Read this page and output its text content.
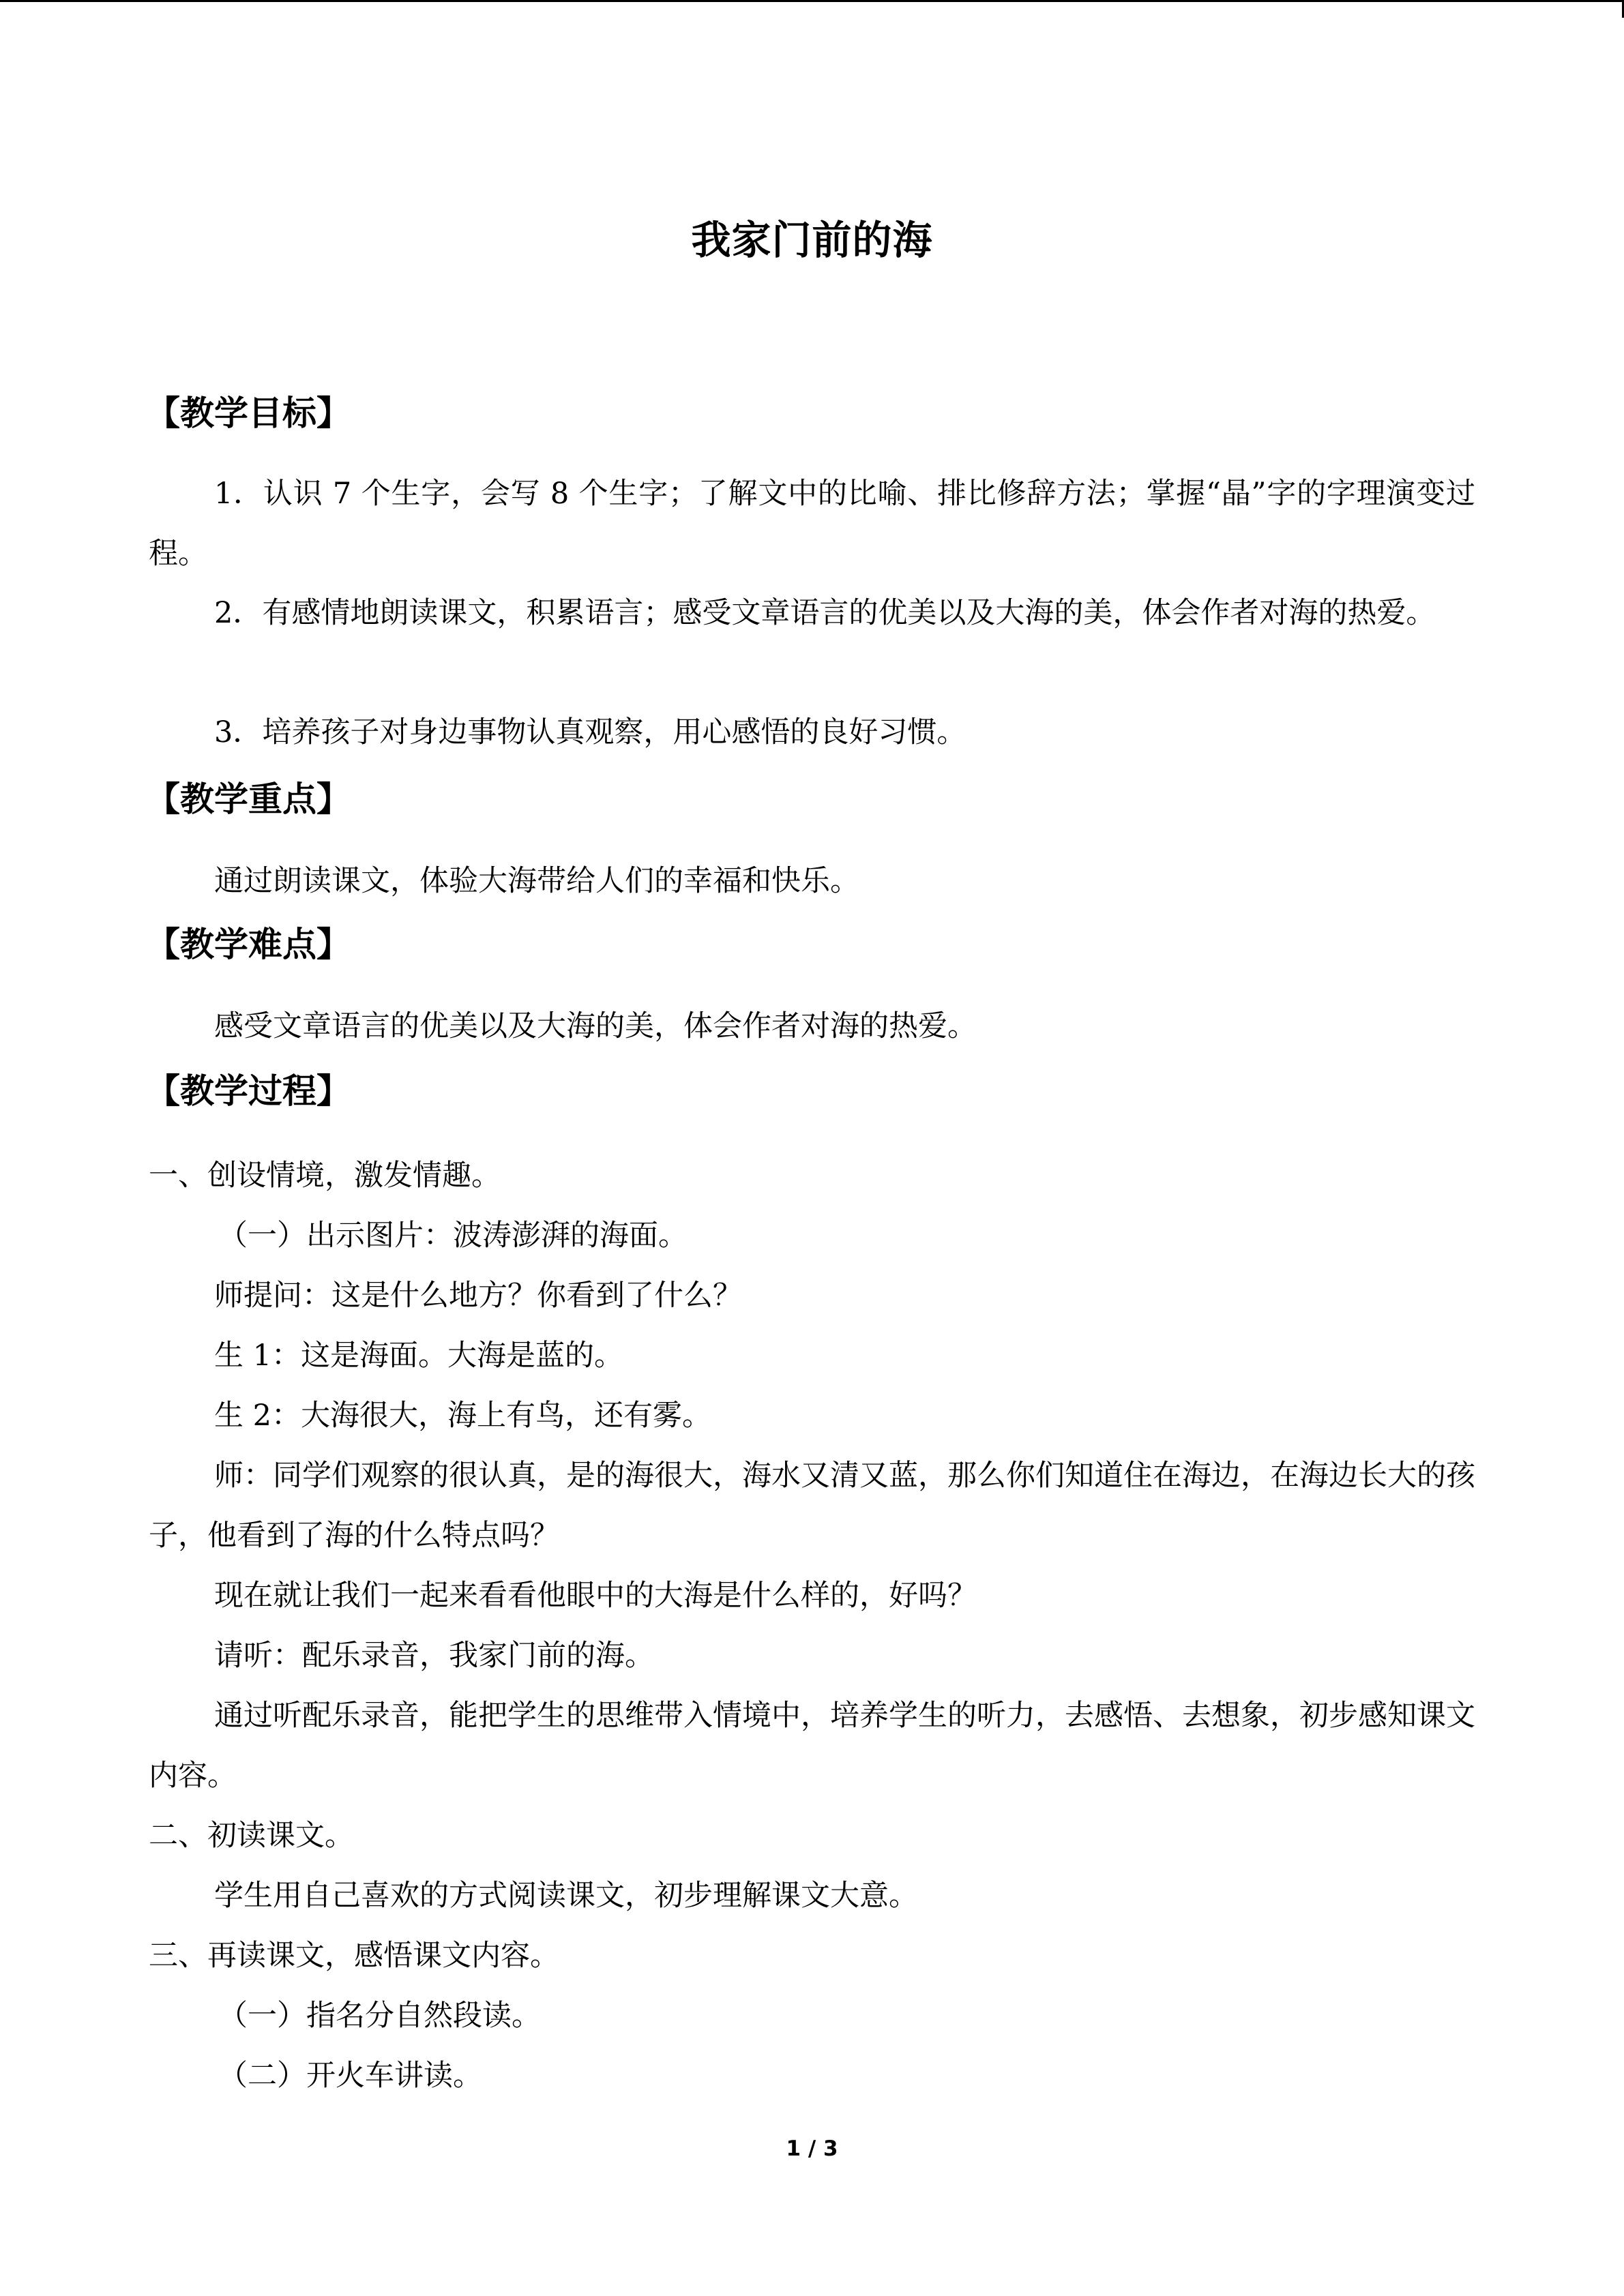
我家门前的海
【教学目标】
1．认识 7 个生字，会写 8 个生字；了解文中的比喻、排比修辞方法；掌握“晶”字的字理演变过程。
2．有感情地朗读课文，积累语言；感受文章语言的优美以及大海的美，体会作者对海的热爱。
3．培养孩子对身边事物认真观察，用心感悟的良好习惯。
【教学重点】
通过朗读课文，体验大海带给人们的幸福和快乐。
【教学难点】
感受文章语言的优美以及大海的美，体会作者对海的热爱。
【教学过程】
一、创设情境，激发情趣。
（一）出示图片：波涛澎湃的海面。
师提问：这是什么地方？你看到了什么？
生 1：这是海面。大海是蓝的。
生 2：大海很大，海上有鸟，还有雾。
师：同学们观察的很认真，是的海很大，海水又清又蓝，那么你们知道住在海边，在海边长大的孩子，他看到了海的什么特点吗？
现在就让我们一起来看看他眼中的大海是什么样的，好吗？
请听：配乐录音，我家门前的海。
通过听配乐录音，能把学生的思维带入情境中，培养学生的听力，去感悟、去想象，初步感知课文内容。
二、初读课文。
学生用自己喜欢的方式阅读课文，初步理解课文大意。
三、再读课文，感悟课文内容。
（一）指名分自然段读。
（二）开火车讲读。
1 / 3
